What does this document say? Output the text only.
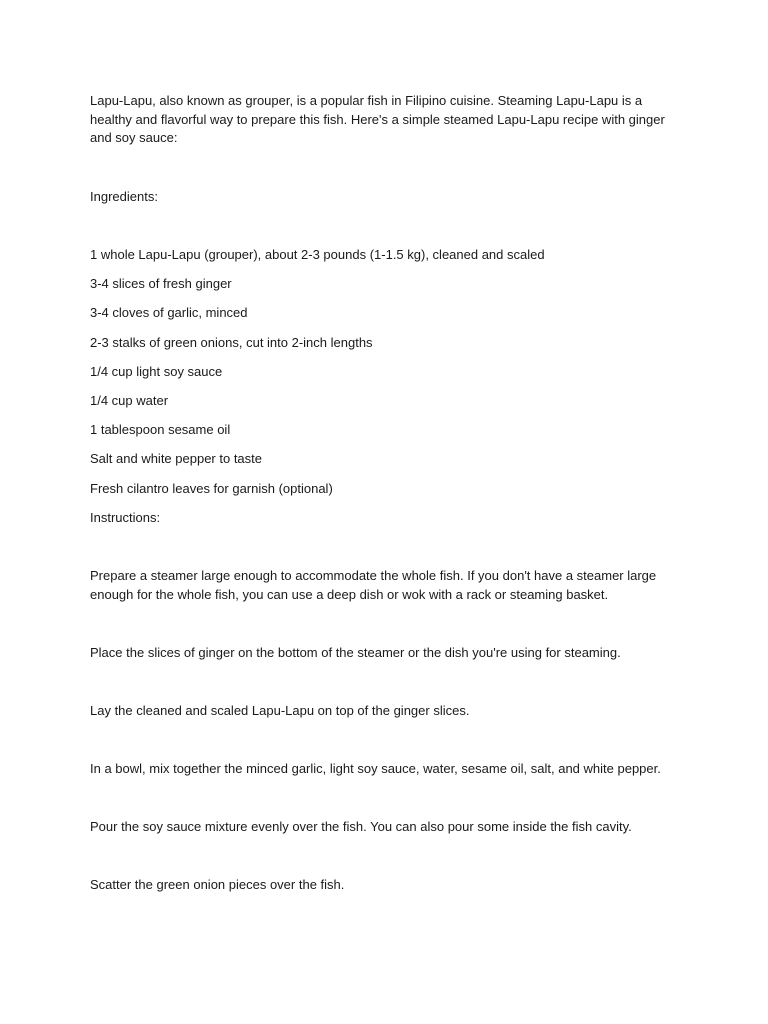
Lapu-Lapu, also known as grouper, is a popular fish in Filipino cuisine. Steaming Lapu-Lapu is a healthy and flavorful way to prepare this fish. Here's a simple steamed Lapu-Lapu recipe with ginger and soy sauce:

Ingredients:

1 whole Lapu-Lapu (grouper), about 2-3 pounds (1-1.5 kg), cleaned and scaled

3-4 slices of fresh ginger

3-4 cloves of garlic, minced

2-3 stalks of green onions, cut into 2-inch lengths

1/4 cup light soy sauce

1/4 cup water

1 tablespoon sesame oil

Salt and white pepper to taste

Fresh cilantro leaves for garnish (optional)

Instructions:

Prepare a steamer large enough to accommodate the whole fish. If you don't have a steamer large enough for the whole fish, you can use a deep dish or wok with a rack or steaming basket.

Place the slices of ginger on the bottom of the steamer or the dish you're using for steaming.

Lay the cleaned and scaled Lapu-Lapu on top of the ginger slices.

In a bowl, mix together the minced garlic, light soy sauce, water, sesame oil, salt, and white pepper.

Pour the soy sauce mixture evenly over the fish. You can also pour some inside the fish cavity.

Scatter the green onion pieces over the fish.
